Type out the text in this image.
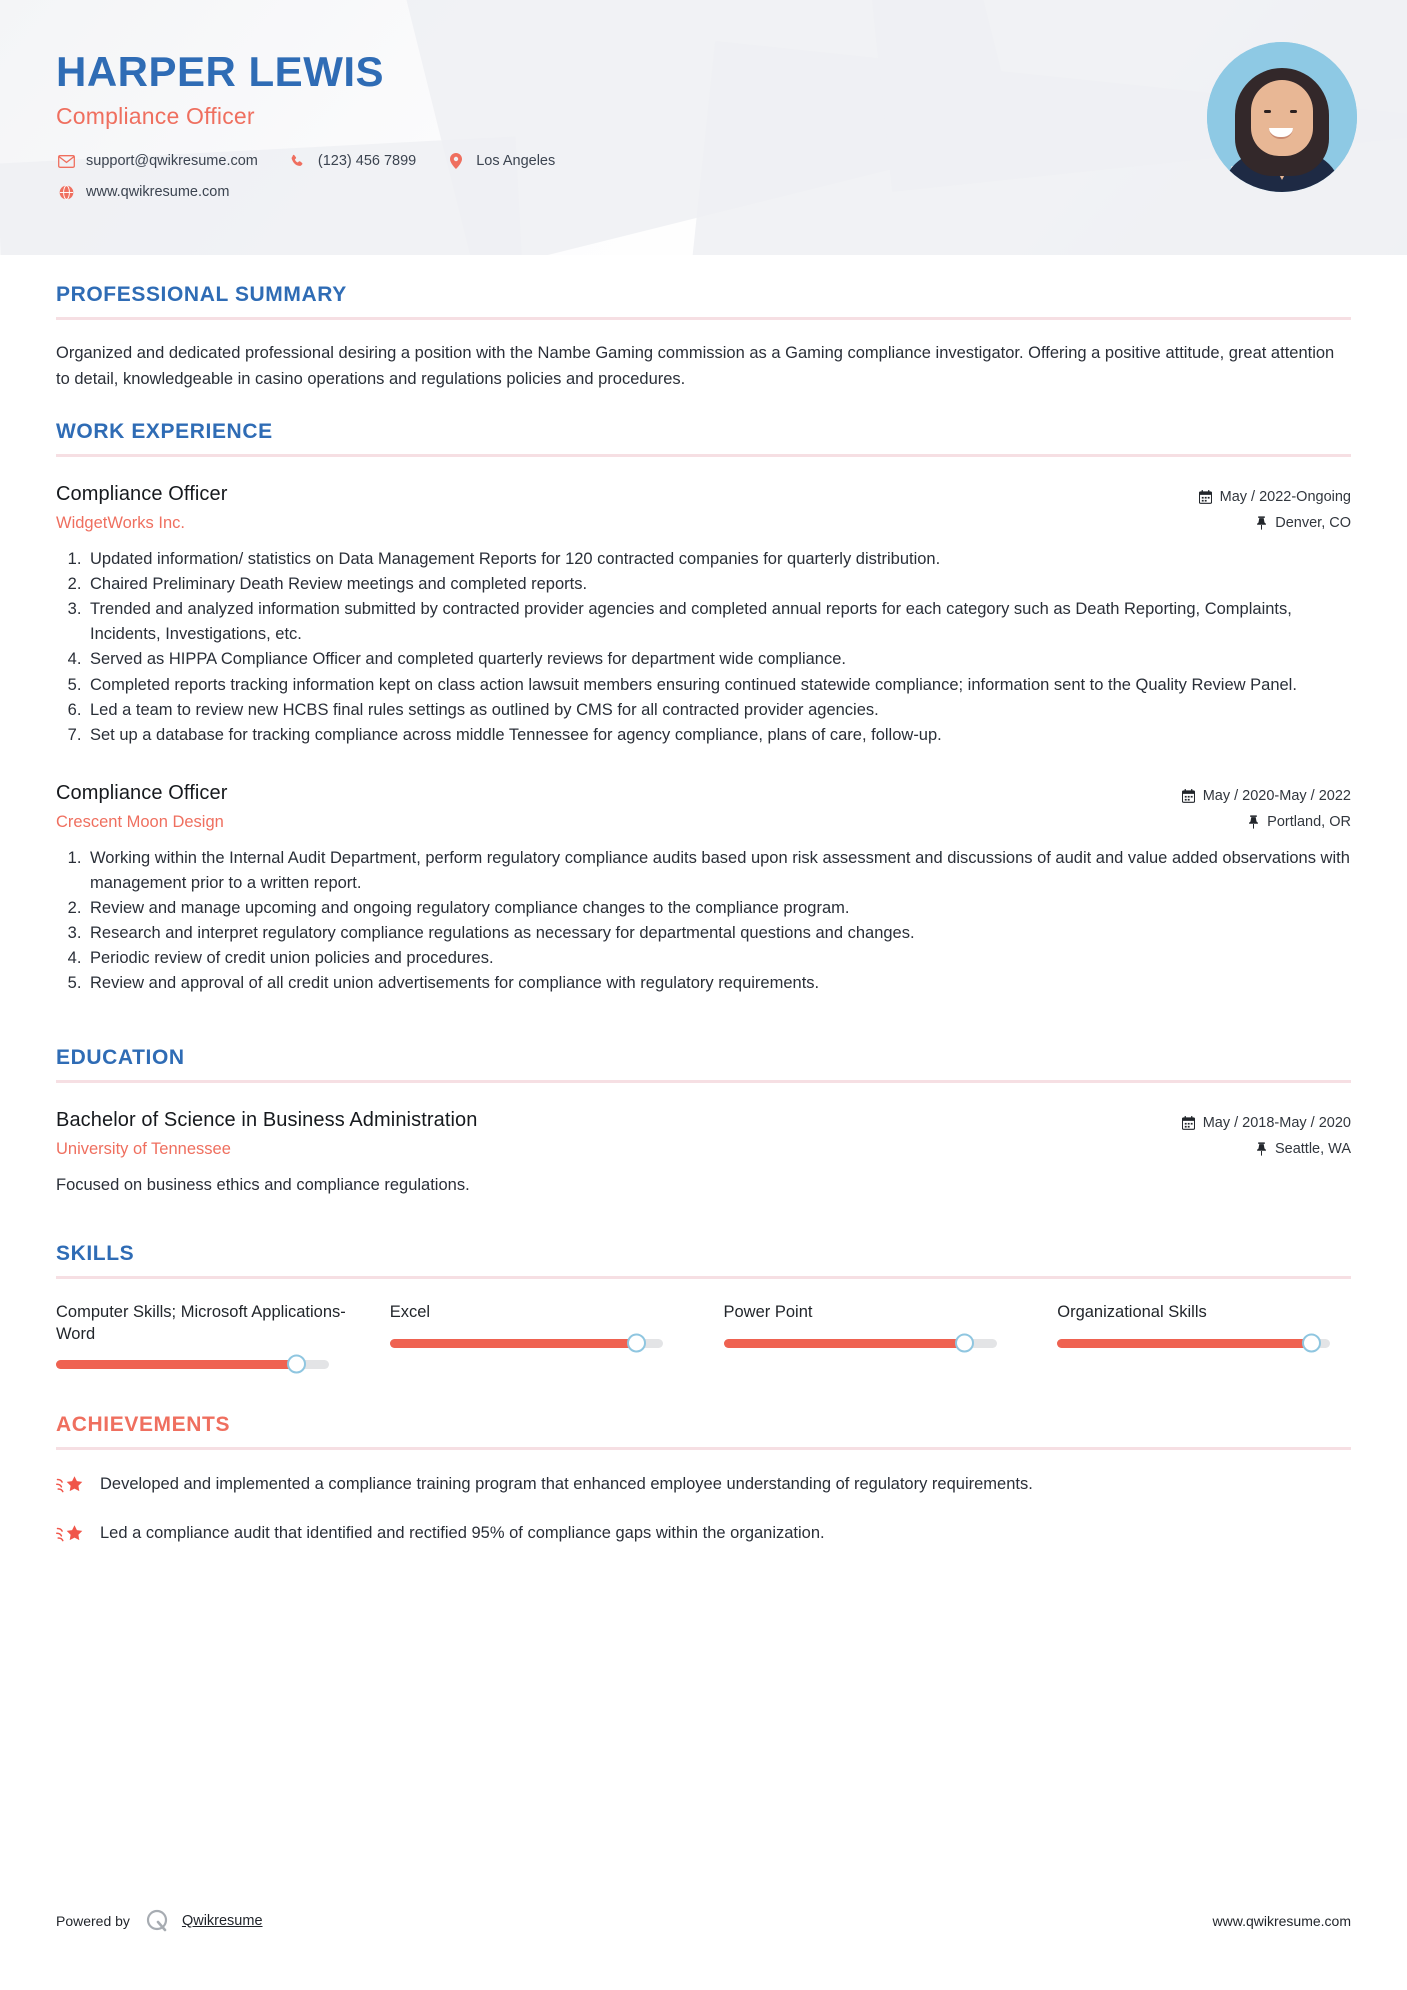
HARPER LEWIS
Compliance Officer
support@qwikresume.com	(123) 456 7899	Los Angeles
www.qwikresume.com
PROFESSIONAL SUMMARY
Organized and dedicated professional desiring a position with the Nambe Gaming commission as a Gaming compliance investigator. Offering a positive attitude, great attention to detail, knowledgeable in casino operations and regulations policies and procedures.
WORK EXPERIENCE
Compliance Officer
WidgetWorks Inc.
May / 2022-Ongoing
Denver, CO
1. Updated information/ statistics on Data Management Reports for 120 contracted companies for quarterly distribution.
2. Chaired Preliminary Death Review meetings and completed reports.
3. Trended and analyzed information submitted by contracted provider agencies and completed annual reports for each category such as Death Reporting, Complaints, Incidents, Investigations, etc.
4. Served as HIPPA Compliance Officer and completed quarterly reviews for department wide compliance.
5. Completed reports tracking information kept on class action lawsuit members ensuring continued statewide compliance; information sent to the Quality Review Panel.
6. Led a team to review new HCBS final rules settings as outlined by CMS for all contracted provider agencies.
7. Set up a database for tracking compliance across middle Tennessee for agency compliance, plans of care, follow-up.
Compliance Officer
Crescent Moon Design
May / 2020-May / 2022
Portland, OR
1. Working within the Internal Audit Department, perform regulatory compliance audits based upon risk assessment and discussions of audit and value added observations with management prior to a written report.
2. Review and manage upcoming and ongoing regulatory compliance changes to the compliance program.
3. Research and interpret regulatory compliance regulations as necessary for departmental questions and changes.
4. Periodic review of credit union policies and procedures.
5. Review and approval of all credit union advertisements for compliance with regulatory requirements.
EDUCATION
Bachelor of Science in Business Administration
University of Tennessee
May / 2018-May / 2020
Seattle, WA
Focused on business ethics and compliance regulations.
SKILLS
Computer Skills; Microsoft Applications- Word
Excel	Power Point	Organizational Skills
ACHIEVEMENTS
Developed and implemented a compliance training program that enhanced employee understanding of regulatory requirements.
Led a compliance audit that identified and rectified 95% of compliance gaps within the organization.
Powered by	Qwikresume	www.qwikresume.com
